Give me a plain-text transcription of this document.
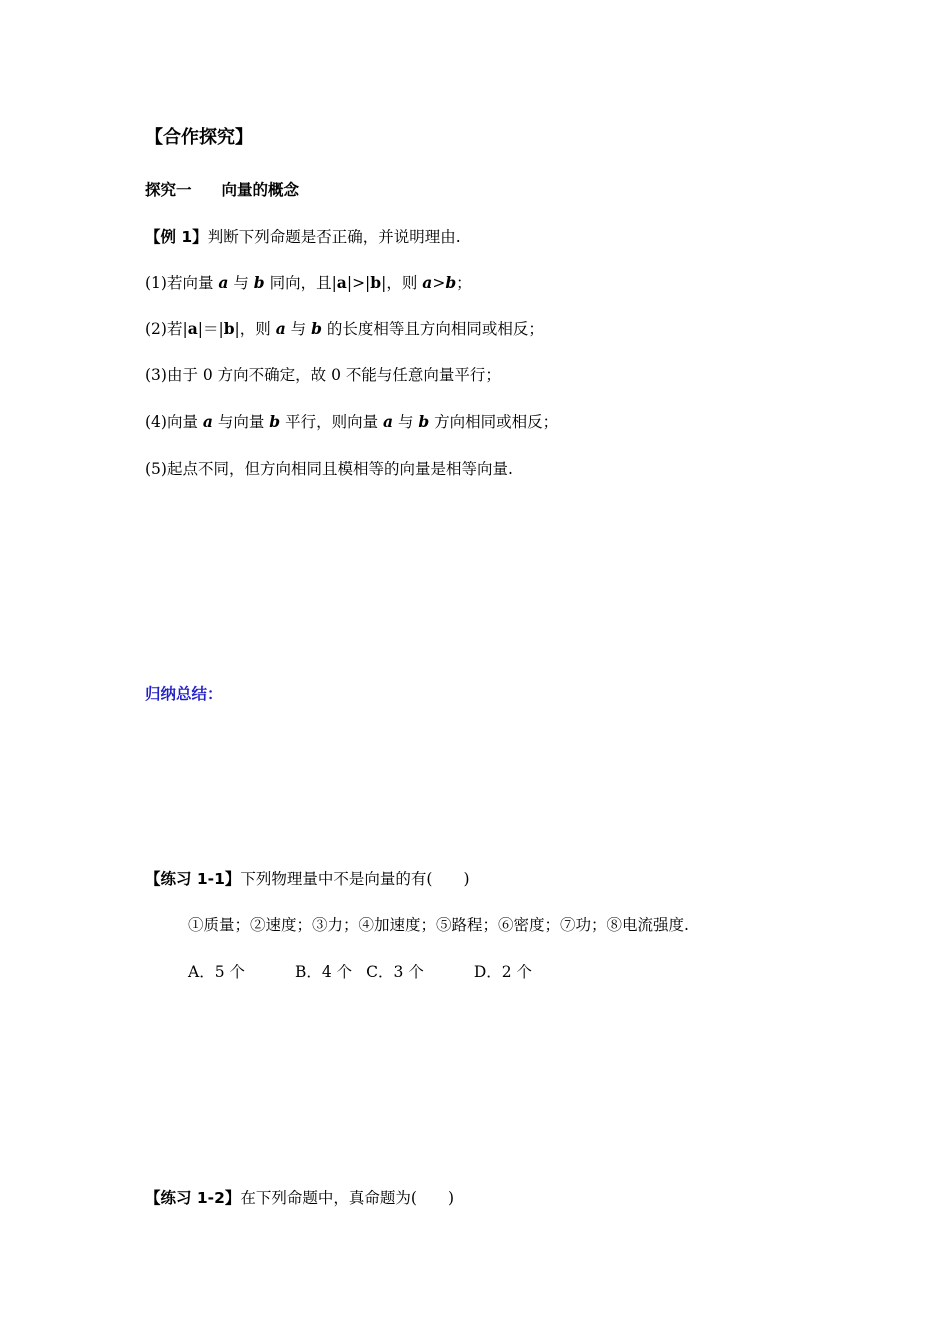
【合作探究】
探究一 向量的概念
【例 1】判断下列命题是否正确，并说明理由.
(1)若向量 a 与 b 同向，且|a|>|b|，则 a>b；
(2)若|a|＝|b|，则 a 与 b 的长度相等且方向相同或相反；
(3)由于 0 方向不确定，故 0 不能与任意向量平行；
(4)向量 a 与向量 b 平行，则向量 a 与 b 方向相同或相反；
(5)起点不同，但方向相同且模相等的向量是相等向量.
归纳总结：
【练习 1-1】下列物理量中不是向量的有(　　)
①质量；②速度；③力；④加速度；⑤路程；⑥密度；⑦功；⑧电流强度.
A．5 个	B．4 个 C．3 个	D．2 个
【练习 1-2】在下列命题中，真命题为(　　)
